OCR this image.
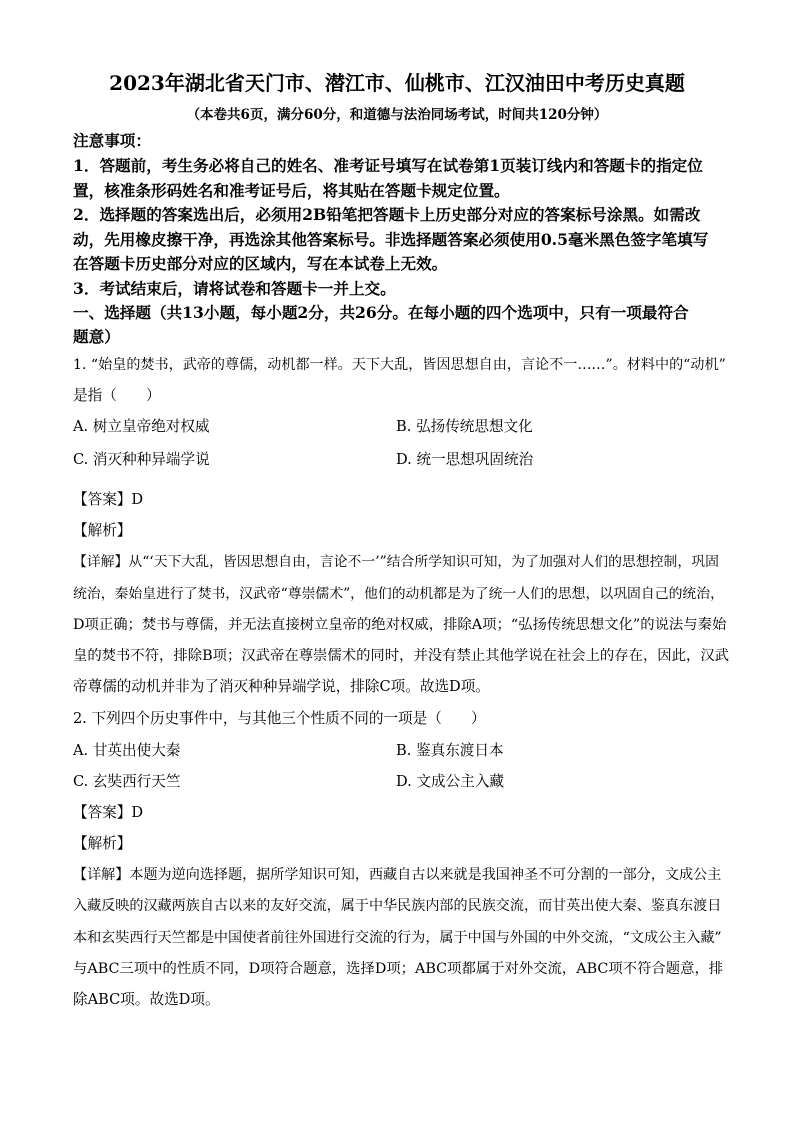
2023年湖北省天门市、潜江市、仙桃市、江汉油田中考历史真题
（本卷共6页，满分60分，和道德与法治同场考试，时间共120分钟）
注意事项：
1．答题前，考生务必将自己的姓名、准考证号填写在试卷第1页装订线内和答题卡的指定位
置，核准条形码姓名和准考证号后，将其贴在答题卡规定位置。
2．选择题的答案选出后，必须用2B铅笔把答题卡上历史部分对应的答案标号涂黑。如需改
动，先用橡皮擦干净，再选涂其他答案标号。非选择题答案必须使用0.5毫米黑色签字笔填写
在答题卡历史部分对应的区域内，写在本试卷上无效。
3．考试结束后，请将试卷和答题卡一并上交。
一、选择题（共13小题，每小题2分，共26分。在每小题的四个选项中，只有一项最符合
题意）
1. “始皇的焚书，武帝的尊儒，动机都一样。天下大乱，皆因思想自由，言论不一……”。材料中的“动机”
是指（　　）
A. 树立皇帝绝对权威	B. 弘扬传统思想文化
C. 消灭种种异端学说	D. 统一思想巩固统治
【答案】D
【解析】
【详解】从“‘天下大乱，皆因思想自由，言论不一’”结合所学知识可知，为了加强对人们的思想控制，巩固
统治，秦始皇进行了焚书，汉武帝“尊崇儒术”，他们的动机都是为了统一人们的思想，以巩固自己的统治，
D项正确；焚书与尊儒，并无法直接树立皇帝的绝对权威，排除A项；“弘扬传统思想文化”的说法与秦始
皇的焚书不符，排除B项；汉武帝在尊崇儒术的同时，并没有禁止其他学说在社会上的存在，因此，汉武
帝尊儒的动机并非为了消灭种种异端学说，排除C项。故选D项。
2. 下列四个历史事件中，与其他三个性质不同的一项是（　　）
A. 甘英出使大秦	B. 鉴真东渡日本
C. 玄奘西行天竺	D. 文成公主入藏
【答案】D
【解析】
【详解】本题为逆向选择题，据所学知识可知，西藏自古以来就是我国神圣不可分割的一部分，文成公主
入藏反映的汉藏两族自古以来的友好交流，属于中华民族内部的民族交流，而甘英出使大秦、鉴真东渡日
本和玄奘西行天竺都是中国使者前往外国进行交流的行为，属于中国与外国的中外交流，“文成公主入藏”
与ABC三项中的性质不同，D项符合题意，选择D项；ABC项都属于对外交流，ABC项不符合题意，排
除ABC项。故选D项。
